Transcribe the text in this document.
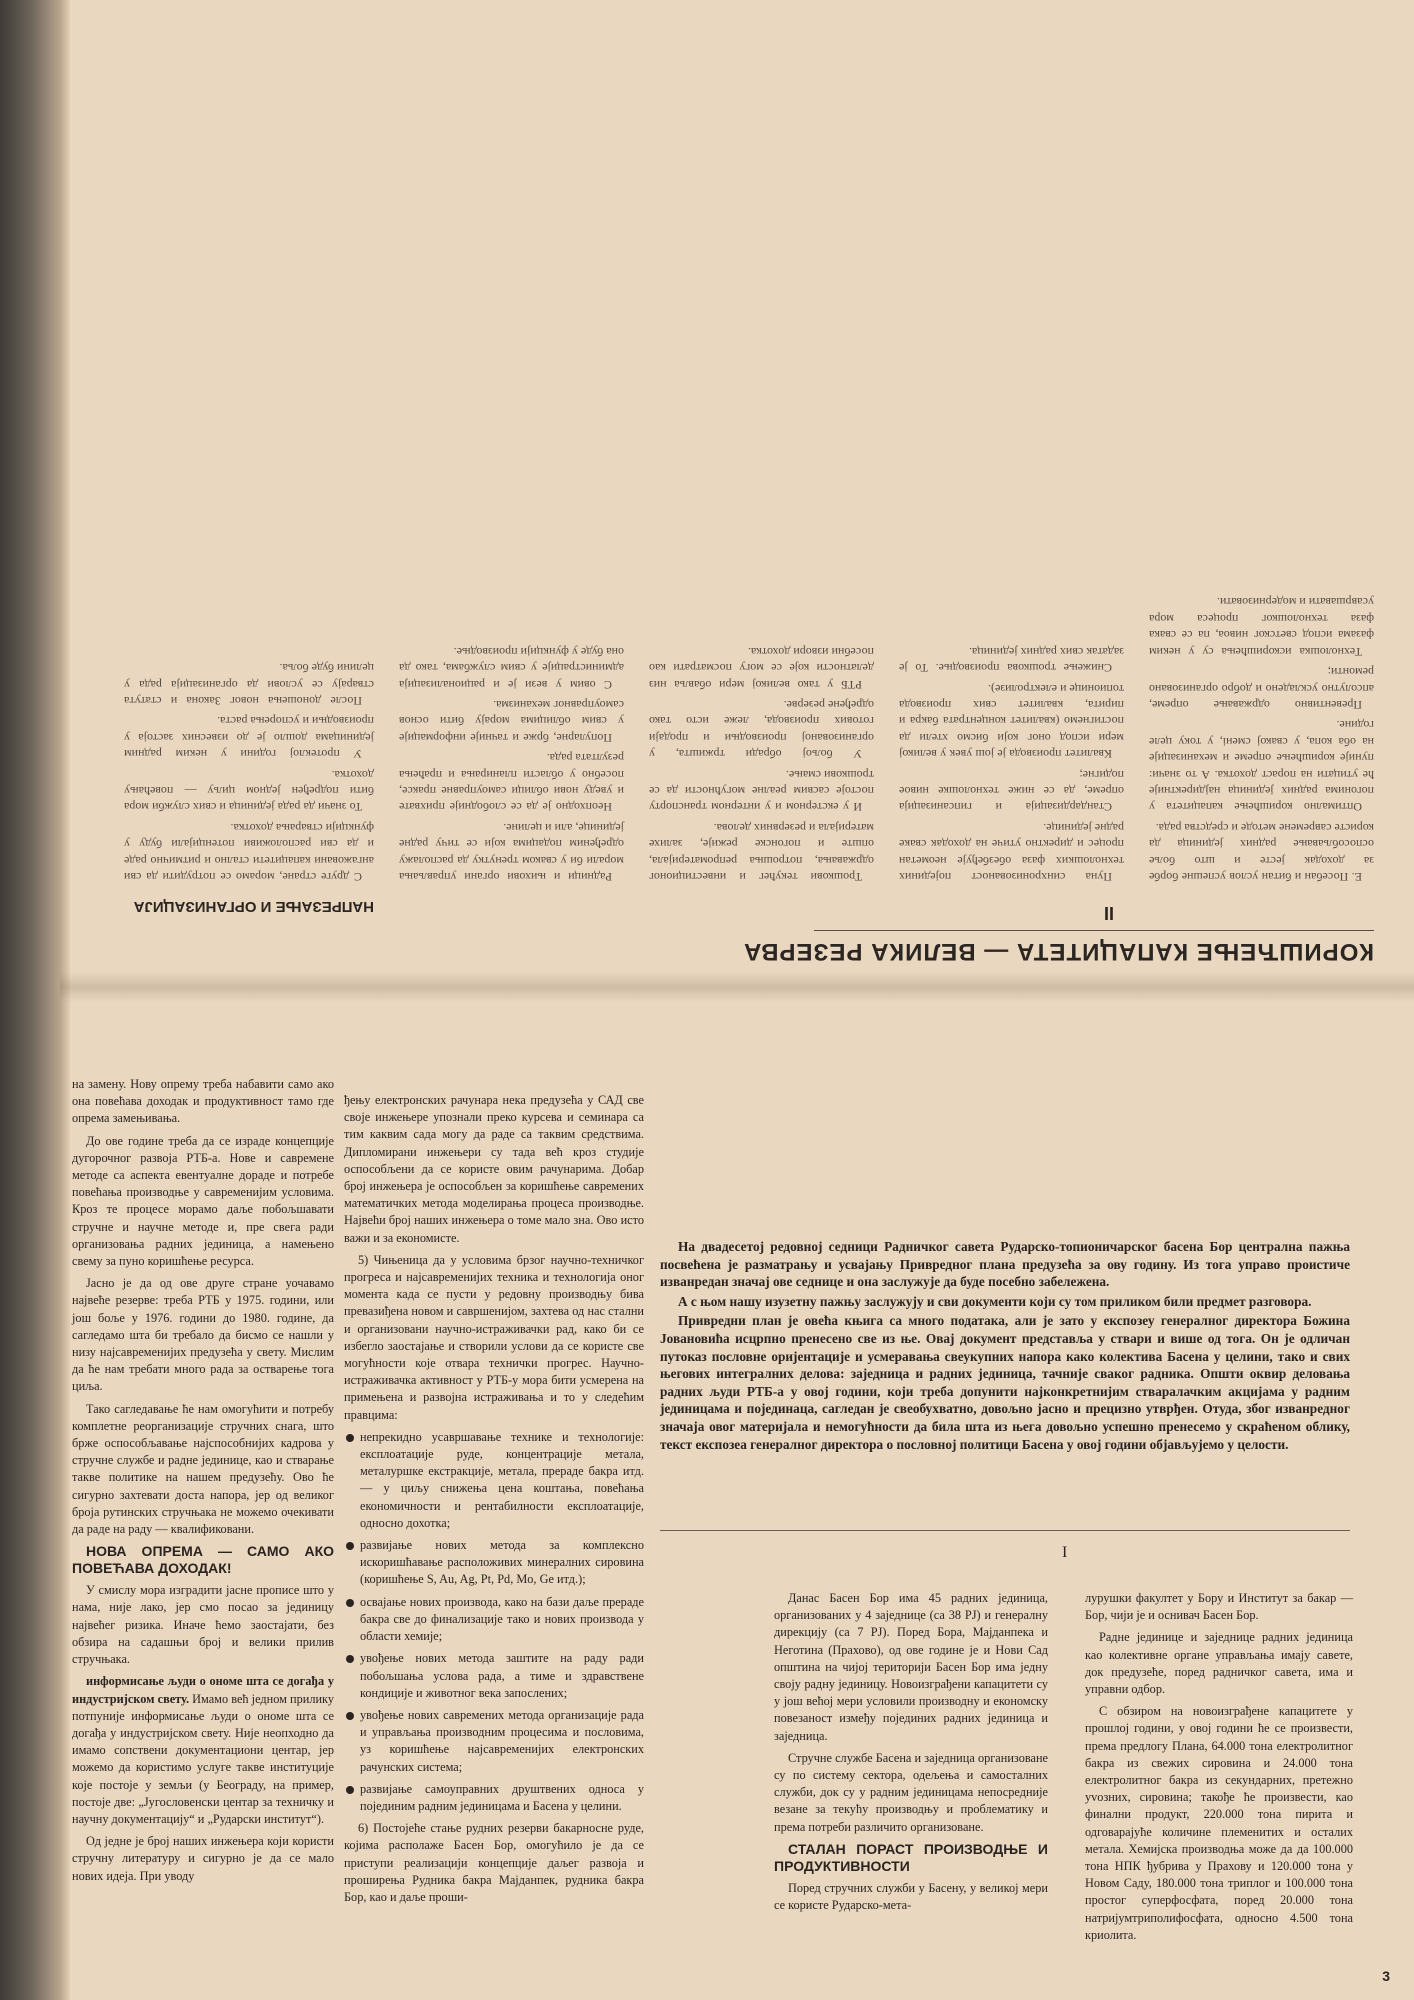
КОРИШЋЕЊЕ КАПАЦИТЕТА — ВЕЛИКА РЕЗЕРВА
II
НАПРЕЗАЊЕ И ОРГАНИЗАЦИЈА

E. Посебан и битан услов успешне борбе за доходак јесте и што боље оспособљавање радних јединица да користе савремене методе и средства рада.

Оптимално коришћење капацитета у погонима радних јединица најдиректније ће утицати на пораст дохотка. А то значи: пуније коришћење опреме и механизације на оба копа, у свакој сменi, у току целе године.

Превентивно одржавање опреме, апсолутно ускладено и добро организовано ремонти;

Технолошка искоришћења су у неким фазама испод светског нивоа, па се свака фаза технолошког процеса мора усавршавати и модернизовати.

Пуна синхронизованост појединих технолошких фаза обезбеђује неометан процес и директно утиче на доходак свакe радне јединице.

Стандардизација и гипсанизација опреме, да се ниже технолошке нивое подигне;

Квалитет производа је још увек у великој мери испод оног који бисмо хтели да постигнемо (квалитет концентрата бакра и пирита, квалитет свих производа топионице и електролизе).

Снижење трошкова производње. То је задатак свих радних јединица.

Трошкови текућег и инвестиционог одржавања, потрошња репроматеријала, опште и погонске режије, залихе материјала и резервних делова.

И у екстерном и у интерном транспорту постоје сасвим реалне могућности да се трошкови смање.

У бољој обради тржишта, у организованој производњи и продаји готових производа, леже исто тако одређене резерве.

РТБ у тако великој мери обавља низ делатности које се могу посматрати као посебни извори дохотка.

Радници и њихови органи управљања морали би у сваком тренутку да располажу одређеним подацима који се тичу радне јединице, али и целине.

Неопходно је да се слободније прихвате и уведу нови облици самоуправне праксе, посебно у области планирања и праћења резултата рада.

Популарне, брже и тачније информације у свим облицима морају бити основ самоуправног механизма.

С овим у вези је и рационализација администрације у свим службама, тако да она буде у функцији производње.

С друге стране, морамо се потрудити да сви ангажовани капацитети стално и ритмично раде и да сви расположиви потенцијали буду у функцији стварања дохотка.

То значи да рада јединица и свих служби мора бити подређен једном циљу — повећању дохотка.

У протеклој години у неким радним јединицама дошло је до извесних застоја у производњи и успорења раста.

После доношења новог Закона и статута стварају се услови да организација рада у целини буде боља.

на замену. Нову опрему треба набавити само ако она повећава доходак и продуктивност тамо где опрема замењивања.

До ове године треба да се израде концепције дугорочног развоја РТБ-а. Нове и савремене методе са аспекта евентуалне дораде и потребе повећања производње у савременијим условима. Кроз те процесе морамо даље побољшавати стручне и научне методе и, пре свега ради организовања радних јединица, а намењено свему за пуно коришћење ресурса.

Јасно је да од ове друге стране уочавамо највеће резерве: треба РТБ у 1975. години, или још боље у 1976. години до 1980. године, да сагледамо шта би требало да бисмо се нашли у низу најсавременијих предузећа у свету. Мислим да ће нам требати много рада за остварење тога циља.

Тако сагледавање ће нам омогућити и потребу комплетне реорганизације стручних снага, што брже оспособљавање најспособнијих кадрова у стручне службе и радне јединице, као и стварање такве политике на нашем предузећу. Ово ће сигурно захтевати доста напора, јер од великог броја рутинских стручњака не можемо очекивати да раде на раду — квалификовани.

НОВА ОПРЕМА — САМО АКО ПОВЕЋАВА ДОХОДАК!

У смислу мора изградити јасне прописе што у нама, није лако, јер смо посао за јединицу највећег ризика. Иначе ћемо заостајати, без обзира на садашњи број и велики прилив стручњака.

информисање људи о ономе шта се догађа у индустријском свету. Имамо већ једном прилику потпуније информисање људи о ономе шта се догађа у индустријском свету. Није неопходно да имамо сопствени документациони центар, јер можемо да користимо услуге такве институције које постоје у земљи (у Београду, на пример, постоје две: „Југословенски центар за техничку и научну документацију“ и „Рударски институт“).

Од једне је број наших инжењера који користи стручну литературу и сигурно је да се мало нових идеја. При уводу

ђењу електронских рачунара нека предузећа у САД све своје инжењере упознали преко курсева и семинара са тим каквим сада могу да раде са таквим средствима. Дипломирани инжењери су тада већ кроз студије оспособљени да се користе овим рачунарима. Добар број инжењера је оспособљен за коришћење савремених математичких метода моделирања процеса производње. Највећи број наших инжењера о томе мало зна. Ово исто важи и за економисте.

5) Чињеница да у условима брзог научно-техничког прогреса и најсавременијих техника и технологија оног момента када се пусти у редовну производњу бива превазиђена новом и савршенијом, захтева од нас стални и организовани научно-истраживачки рад, како би се избегло заостајање и створили услови да се користе све могућности које отвара технички прогрес. Научно-истраживачка активност у РТБ-у мора бити усмерена на примењена и развојна истраживања и то у следећим правцима:

непрекидно усавршавање технике и технологије: експлоатације руде, концентрације метала, металуршке екстракције, метала, прераде бакра итд. — у циљу снижења цена коштања, повећања економичности и рентабилности експлоатације, односно дохотка;
развијање нових метода за комплексно искоришћавање расположивих минералних сировина (коришћење S, Au, Ag, Pt, Pd, Mo, Ge итд.);
освајање нових производа, како на бази даље прераде бакра све до финализације тако и нових производа у области хемије;
увођење нових метода заштите на раду ради побољшања услова рада, а тиме и здравствене кондиције и животног века запослених;
увођење нових савремених метода организације рада и управљања производним процесима и пословима, уз коришћење најсавременијих електронских рачунских система;
развијање самоуправних друштвених односа у појединим радним јединицама и Басена у целини.

6) Постојеће стање рудних резерви бакарносне руде, којима располаже Басен Бор, омогућило је да се приступи реализацији концепције даљег развоја и проширења Рудника бакра Мајданпек, рудника бакра Бор, као и даље проши-

На двадесетој редовној седници Радничког савета Рударско-топионичарског басена Бор централна пажња посвећена је разматрању и усвајању Привредног плана предузећа за ову годину. Из тога управо проистиче изванредан значај ове седнице и она заслужује да буде посебно забележена.

А с њом нашу изузетну пажњу заслужују и сви документи који су том приликом били предмет разговора.

Привредни план је овећа књига са много података, али је зато у експозеу генералног директора Божина Јовановића исцрпно пренесено све из ње. Овај документ представља у ствари и више од тога. Он је одличан путоказ пословне оријентације и усмеравања свеукупних напора како колектива Басена у целини, тако и свих његових интегралних делова: заједница и радних јединица, тачније сваког радника. Општи оквир деловања радних људи РТБ-а у овој години, који треба допунити најконкретнијим стваралачким акцијама у радним јединицама и појединаца, сагледан је свеобухватно, довољно јасно и прецизно утврђен. Отуда, због изванредног значаја овог материјала и немогућности да била шта из њега довољно успешно пренесемо у скраћеном облику, текст експозеа генералног директора о пословној политици Басена у овој години објављујемо у целости.

I

Данас Басен Бор има 45 радних јединица, организованих у 4 заједнице (са 38 РЈ) и генералну дирекцију (са 7 РЈ). Поред Бора, Мајданпека и Неготина (Прахово), од ове године је и Нови Сад општина на чијој територији Басен Бор има једну своју радну јединицу. Новоизграђени капацитети су у још већој мери условили производну и економску повезаност између појединих радних јединица и заједница.

Стручне службе Басена и заједница организоване су по систему сектора, одељења и самосталних служби, док су у радним јединицама непосредније везане за текућу производњу и проблематику и према потреби различито организоване.

СТАЛАН ПОРАСТ ПРОИЗВОДЊЕ И ПРОДУКТИВНОСТИ

Поред стручних служби у Басену, у великој мери се користе Рударско-мета-

лурушки факултет у Бору и Институт за бакар — Бор, чији је и оснивач Басен Бор.

Радне јединице и заједнице радних јединица као колективне органе управљања имају савете, док предузеће, поред радничког савета, има и управни одбор.

С обзиром на новоизграђене капацитете у прошлој години, у овој години ће се произвести, према предлогу Плана, 64.000 тона електролитног бакра из свежих сировина и 24.000 тона електролитног бакра из секундарних, претежно уvoзних, сировина; такође ће произвести, као финални продукт, 220.000 тона пирита и одговарајуће количине племенитих и осталих метала. Хемијска производња може да да 100.000 тона НПК ђубрива у Прахову и 120.000 тона у Новом Саду, 180.000 тона триплог и 100.000 тона простог суперфосфата, поред 20.000 тона натријумтриполифосфата, односно 4.500 тона криолита.

3
